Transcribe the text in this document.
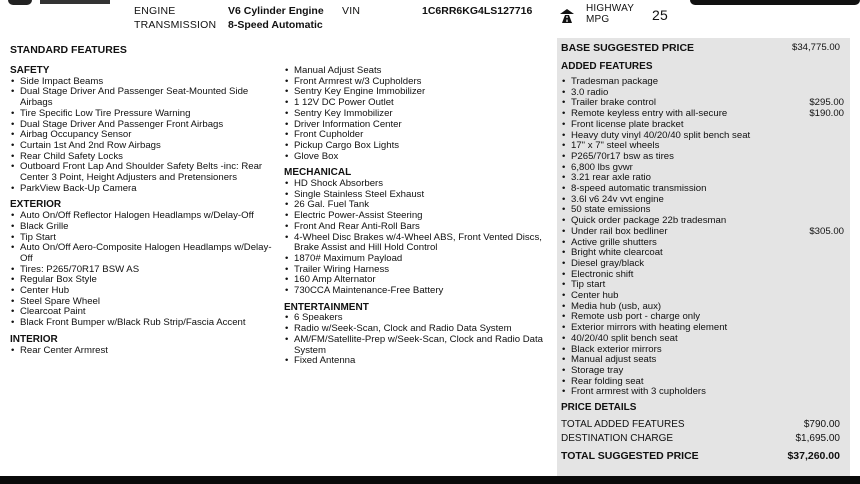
ENGINE	V6 Cylinder Engine VIN	1C6RR6KG4LS127716
TRANSMISSION 8-Speed Automatic
HIGHWAY
MPG	25
STANDARD FEATURES
SAFETY
• Side Impact Beams
• Dual Stage Driver And Passenger Seat-Mounted Side Airbags
• Tire Specific Low Tire Pressure Warning
• Dual Stage Driver And Passenger Front Airbags
• Airbag Occupancy Sensor
• Curtain 1st And 2nd Row Airbags
• Rear Child Safety Locks
• Outboard Front Lap And Shoulder Safety Belts -inc: Rear Center 3 Point, Height Adjusters and Pretensioners
• ParkView Back-Up Camera
EXTERIOR
• Auto On/Off Reflector Halogen Headlamps w/Delay-Off
• Black Grille
• Tip Start
• Auto On/Off Aero-Composite Halogen Headlamps w/Delay-Off
• Tires: P265/70R17 BSW AS
• Regular Box Style
• Center Hub
• Steel Spare Wheel
• Clearcoat Paint
• Black Front Bumper w/Black Rub Strip/Fascia Accent
INTERIOR
• Rear Center Armrest
• Manual Adjust Seats
• Front Armrest w/3 Cupholders
• Sentry Key Engine Immobilizer
• 1 12V DC Power Outlet
• Sentry Key Immobilizer
• Driver Information Center
• Front Cupholder
• Pickup Cargo Box Lights
• Glove Box
MECHANICAL
• HD Shock Absorbers
• Single Stainless Steel Exhaust
• 26 Gal. Fuel Tank
• Electric Power-Assist Steering
• Front And Rear Anti-Roll Bars
• 4-Wheel Disc Brakes w/4-Wheel ABS, Front Vented Discs, Brake Assist and Hill Hold Control
• 1870# Maximum Payload
• Trailer Wiring Harness
• 160 Amp Alternator
• 730CCA Maintenance-Free Battery
ENTERTAINMENT
• 6 Speakers
• Radio w/Seek-Scan, Clock and Radio Data System
• AM/FM/Satellite-Prep w/Seek-Scan, Clock and Radio Data System
• Fixed Antenna
BASE SUGGESTED PRICE	$34,775.00
ADDED FEATURES
• Tradesman package
• 3.0 radio
• Trailer brake control	$295.00
• Remote keyless entry with all-secure	$190.00
• Front license plate bracket
• Heavy duty vinyl 40/20/40 split bench seat
• 17" x 7" steel wheels
• P265/70r17 bsw as tires
• 6,800 lbs gvwr
• 3.21 rear axle ratio
• 8-speed automatic transmission
• 3.6l v6 24v vvt engine
• 50 state emissions
• Quick order package 22b tradesman
• Under rail box bedliner	$305.00
• Active grille shutters
• Bright white clearcoat
• Diesel gray/black
• Electronic shift
• Tip start
• Center hub
• Media hub (usb, aux)
• Remote usb port - charge only
• Exterior mirrors with heating element
• 40/20/40 split bench seat
• Black exterior mirrors
• Manual adjust seats
• Storage tray
• Rear folding seat
• Front armrest with 3 cupholders
PRICE DETAILS
TOTAL ADDED FEATURES	$790.00
DESTINATION CHARGE	$1,695.00
TOTAL SUGGESTED PRICE	$37,260.00
